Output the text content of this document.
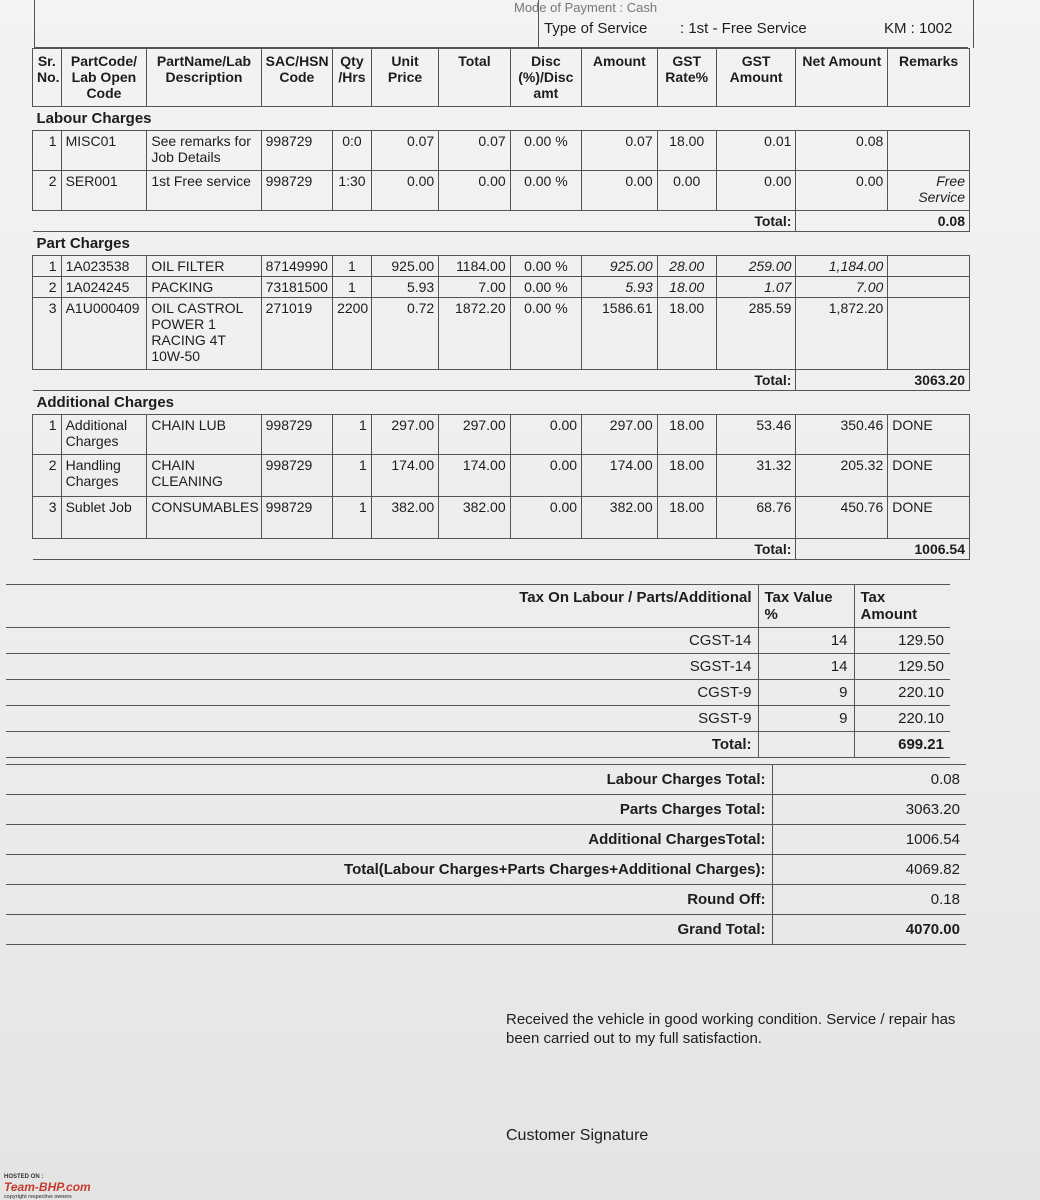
Mode of Payment : Cash
Type of Service : 1st - Free Service	KM : 1002
Sr. No.	PartCode/ Lab Open Code	PartName/Lab Description	SAC/HSN Code	Qty /Hrs	Unit Price	Total	Disc (%)/Disc amt	Amount	GST Rate%	GST Amount	Net Amount	Remarks
Labour Charges												
1	MISC01	See remarks for Job Details	998729	0:0	0.07	0.07	0.00 %	0.07	18.00	0.01	0.08	
2	SER001	1st Free service	998729	1:30	0.00	0.00	0.00 %	0.00	0.00	0.00	0.00	Free Service
Total:											0.08	
Part Charges												
1	1A023538	OIL FILTER	87149990	1	925.00	1184.00	0.00 %	925.00	28.00	259.00	1,184.00	
2	1A024245	PACKING	73181500	1	5.93	7.00	0.00 %	5.93	18.00	1.07	7.00	
3	A1U000409	OIL CASTROL POWER 1 RACING 4T 10W-50	271019	2200	0.72	1872.20	0.00 %	1586.61	18.00	285.59	1,872.20	
Total:											3063.20	
Additional Charges												
1	Additional Charges	CHAIN LUB	998729	1	297.00	297.00	0.00	297.00	18.00	53.46	350.46	DONE
2	Handling Charges	CHAIN CLEANING	998729	1	174.00	174.00	0.00	174.00	18.00	31.32	205.32	DONE
3	Sublet Job	CONSUMABLES	998729	1	382.00	382.00	0.00	382.00	18.00	68.76	450.76	DONE
Total:											1006.54	
Tax On Labour / Parts/Additional	Tax Value %	Tax Amount
CGST-14	14	129.50
SGST-14	14	129.50
CGST-9	9	220.10
SGST-9	9	220.10
Total:		699.21
Labour Charges Total:	0.08
Parts Charges Total:	3063.20
Additional ChargesTotal:	1006.54
Total(Labour Charges+Parts Charges+Additional Charges):	4069.82
Round Off:	0.18
Grand Total:	4070.00
Received the vehicle in good working condition. Service / repair has been carried out to my full satisfaction.
Customer Signature
HOSTED ON :
Team-BHP.com
copyright respective owners
